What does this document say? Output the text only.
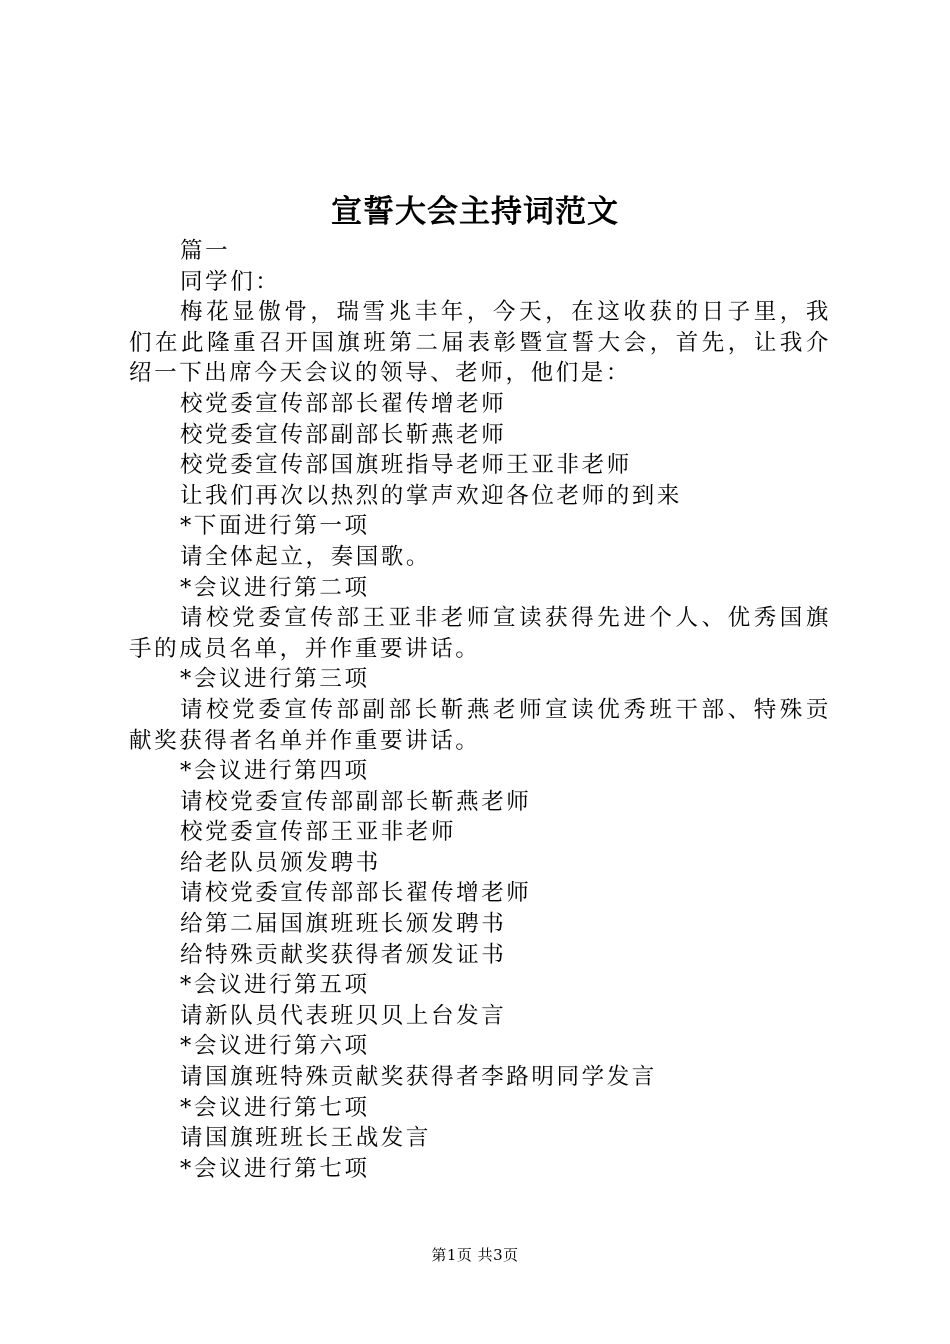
宣誓大会主持词范文

篇一

同学们：

梅花显傲骨，瑞雪兆丰年，今天，在这收获的日子里，我们在此隆重召开国旗班第二届表彰暨宣誓大会，首先，让我介绍一下出席今天会议的领导、老师，他们是：

校党委宣传部部长翟传增老师

校党委宣传部副部长靳燕老师

校党委宣传部国旗班指导老师王亚非老师

让我们再次以热烈的掌声欢迎各位老师的到来

*下面进行第一项

请全体起立，奏国歌。

*会议进行第二项

请校党委宣传部王亚非老师宣读获得先进个人、优秀国旗手的成员名单，并作重要讲话。

*会议进行第三项

请校党委宣传部副部长靳燕老师宣读优秀班干部、特殊贡献奖获得者名单并作重要讲话。

*会议进行第四项

请校党委宣传部副部长靳燕老师

校党委宣传部王亚非老师

给老队员颁发聘书

请校党委宣传部部长翟传增老师

给第二届国旗班班长颁发聘书

给特殊贡献奖获得者颁发证书

*会议进行第五项

请新队员代表班贝贝上台发言

*会议进行第六项

请国旗班特殊贡献奖获得者李路明同学发言

*会议进行第七项

请国旗班班长王战发言

*会议进行第七项

第1页 共3页
